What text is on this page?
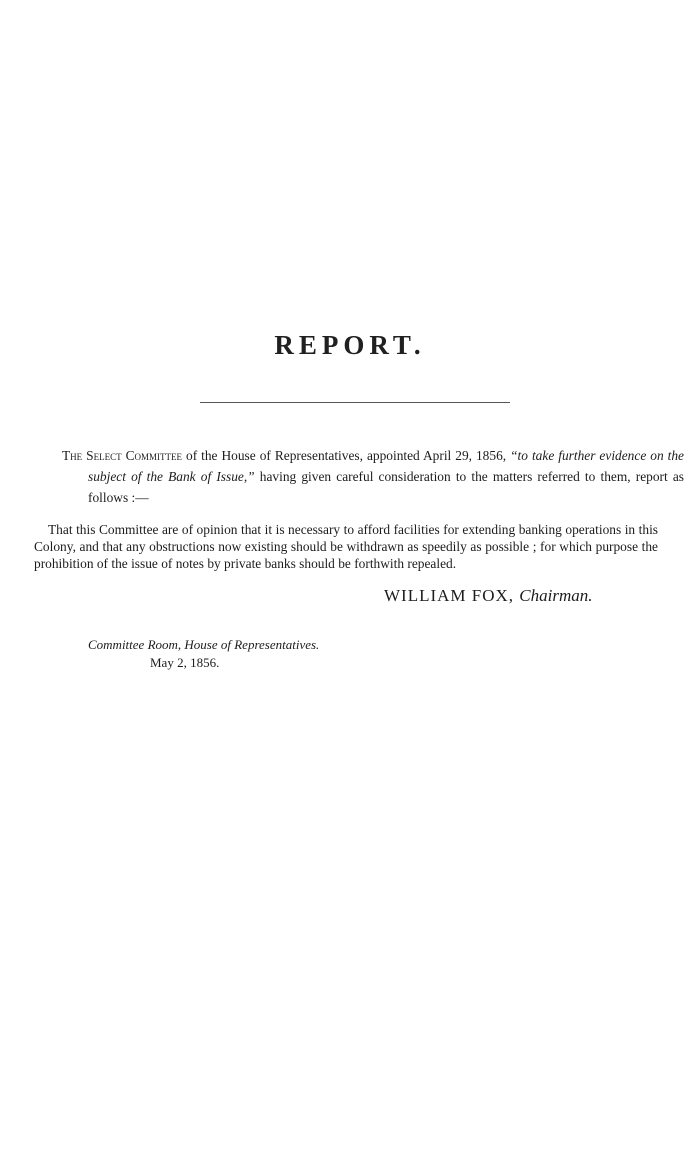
REPORT.

The Select Committee of the House of Representatives, appointed April 29, 1856, “to take further evidence on the subject of the Bank of Issue,” having given careful consideration to the matters referred to them, report as follows :—

That this Committee are of opinion that it is necessary to afford facilities for extending banking operations in this Colony, and that any obstructions now existing should be withdrawn as speedily as possible ; for which purpose the prohibition of the issue of notes by private banks should be forthwith repealed.

WILLIAM FOX, Chairman.
Committee Room, House of Representatives.
May 2, 1856.
